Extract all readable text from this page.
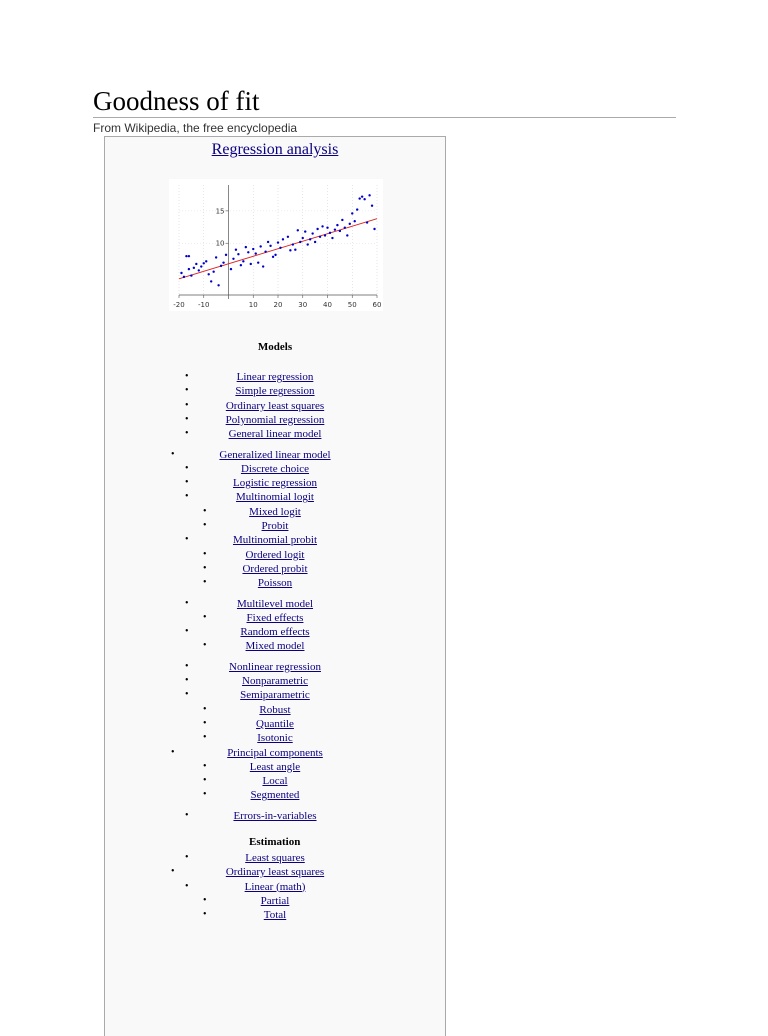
Goodness of fit
From Wikipedia, the free encyclopedia
Regression analysis
-20 -10	10 20 30 40 50 60
15
10
Models
•	Linear regression
•	Simple regression
•	Ordinary least squares
•	Polynomial regression
•	General linear model
•	Generalized linear model
•	Discrete choice
•	Logistic regression
•	Multinomial logit
•	Mixed logit
•	Probit
•	Multinomial probit
•	Ordered logit
•	Ordered probit
•	Poisson
•	Multilevel model
•	Fixed effects
•	Random effects
•	Mixed model
•	Nonlinear regression
•	Nonparametric
•	Semiparametric
•	Robust
•	Quantile
•	Isotonic
•	Principal components
•	Least angle
•	Local
•	Segmented
•	Errors-in-variables
Estimation
•	Least squares
•	Ordinary least squares
•	Linear (math)
•	Partial
•	Total
